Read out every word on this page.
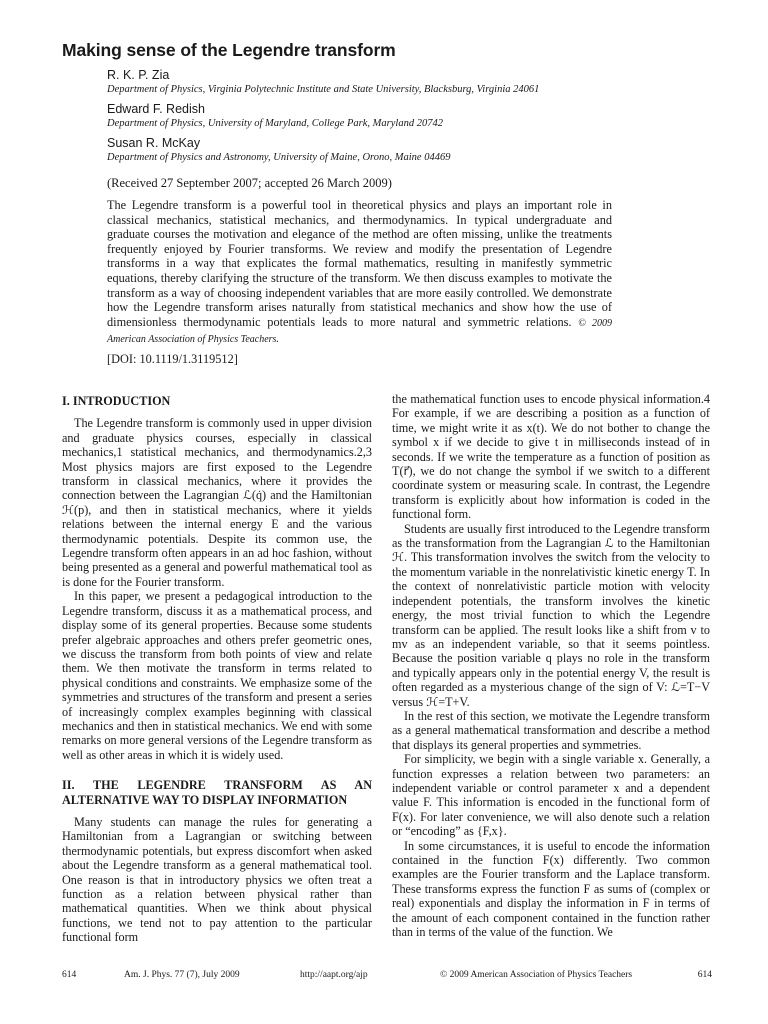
Making sense of the Legendre transform
R. K. P. Zia
Department of Physics, Virginia Polytechnic Institute and State University, Blacksburg, Virginia 24061
Edward F. Redish
Department of Physics, University of Maryland, College Park, Maryland 20742
Susan R. McKay
Department of Physics and Astronomy, University of Maine, Orono, Maine 04469
(Received 27 September 2007; accepted 26 March 2009)
The Legendre transform is a powerful tool in theoretical physics and plays an important role in classical mechanics, statistical mechanics, and thermodynamics. In typical undergraduate and graduate courses the motivation and elegance of the method are often missing, unlike the treatments frequently enjoyed by Fourier transforms. We review and modify the presentation of Legendre transforms in a way that explicates the formal mathematics, resulting in manifestly symmetric equations, thereby clarifying the structure of the transform. We then discuss examples to motivate the transform as a way of choosing independent variables that are more easily controlled. We demonstrate how the Legendre transform arises naturally from statistical mechanics and show how the use of dimensionless thermodynamic potentials leads to more natural and symmetric relations. © 2009 American Association of Physics Teachers.
[DOI: 10.1119/1.3119512]
I. INTRODUCTION

The Legendre transform is commonly used in upper division and graduate physics courses, especially in classical mechanics,1 statistical mechanics, and thermodynamics.2,3 Most physics majors are first exposed to the Legendre transform in classical mechanics, where it provides the connection between the Lagrangian ℒ(q̇) and the Hamiltonian ℋ(p), and then in statistical mechanics, where it yields relations between the internal energy E and the various thermodynamic potentials. Despite its common use, the Legendre transform often appears in an ad hoc fashion, without being presented as a general and powerful mathematical tool as is done for the Fourier transform.

In this paper, we present a pedagogical introduction to the Legendre transform, discuss it as a mathematical process, and display some of its general properties. Because some students prefer algebraic approaches and others prefer geometric ones, we discuss the transform from both points of view and relate them. We then motivate the transform in terms related to physical conditions and constraints. We emphasize some of the symmetries and structures of the transform and present a series of increasingly complex examples beginning with classical mechanics and then in statistical mechanics. We end with some remarks on more general versions of the Legendre transform as well as other areas in which it is widely used.

II. THE LEGENDRE TRANSFORM AS AN ALTERNATIVE WAY TO DISPLAY INFORMATION

Many students can manage the rules for generating a Hamiltonian from a Lagrangian or switching between thermodynamic potentials, but express discomfort when asked about the Legendre transform as a general mathematical tool. One reason is that in introductory physics we often treat a function as a relation between physical rather than mathematical quantities. When we think about physical functions, we tend not to pay attention to the particular functional form

the mathematical function uses to encode physical information.4 For example, if we are describing a position as a function of time, we might write it as x(t). We do not bother to change the symbol x if we decide to give t in milliseconds instead of in seconds. If we write the temperature as a function of position as T(r⃗), we do not change the symbol if we switch to a different coordinate system or measuring scale. In contrast, the Legendre transform is explicitly about how information is coded in the functional form.

Students are usually first introduced to the Legendre transform as the transformation from the Lagrangian ℒ to the Hamiltonian ℋ. This transformation involves the switch from the velocity to the momentum variable in the nonrelativistic kinetic energy T. In the context of nonrelativistic particle motion with velocity independent potentials, the transform involves the kinetic energy, the most trivial function to which the Legendre transform can be applied. The result looks like a shift from v to mv as an independent variable, so that it seems pointless. Because the position variable q plays no role in the transform and typically appears only in the potential energy V, the result is often regarded as a mysterious change of the sign of V: ℒ=T−V versus ℋ=T+V.

In the rest of this section, we motivate the Legendre transform as a general mathematical transformation and describe a method that displays its general properties and symmetries.

For simplicity, we begin with a single variable x. Generally, a function expresses a relation between two parameters: an independent variable or control parameter x and a dependent value F. This information is encoded in the functional form of F(x). For later convenience, we will also denote such a relation or “encoding” as {F,x}.

In some circumstances, it is useful to encode the information contained in the function F(x) differently. Two common examples are the Fourier transform and the Laplace transform. These transforms express the function F as sums of (complex or real) exponentials and display the information in F in terms of the amount of each component contained in the function rather than in terms of the value of the function. We

614	Am. J. Phys. 77 (7), July 2009	http://aapt.org/ajp	© 2009 American Association of Physics Teachers	614
